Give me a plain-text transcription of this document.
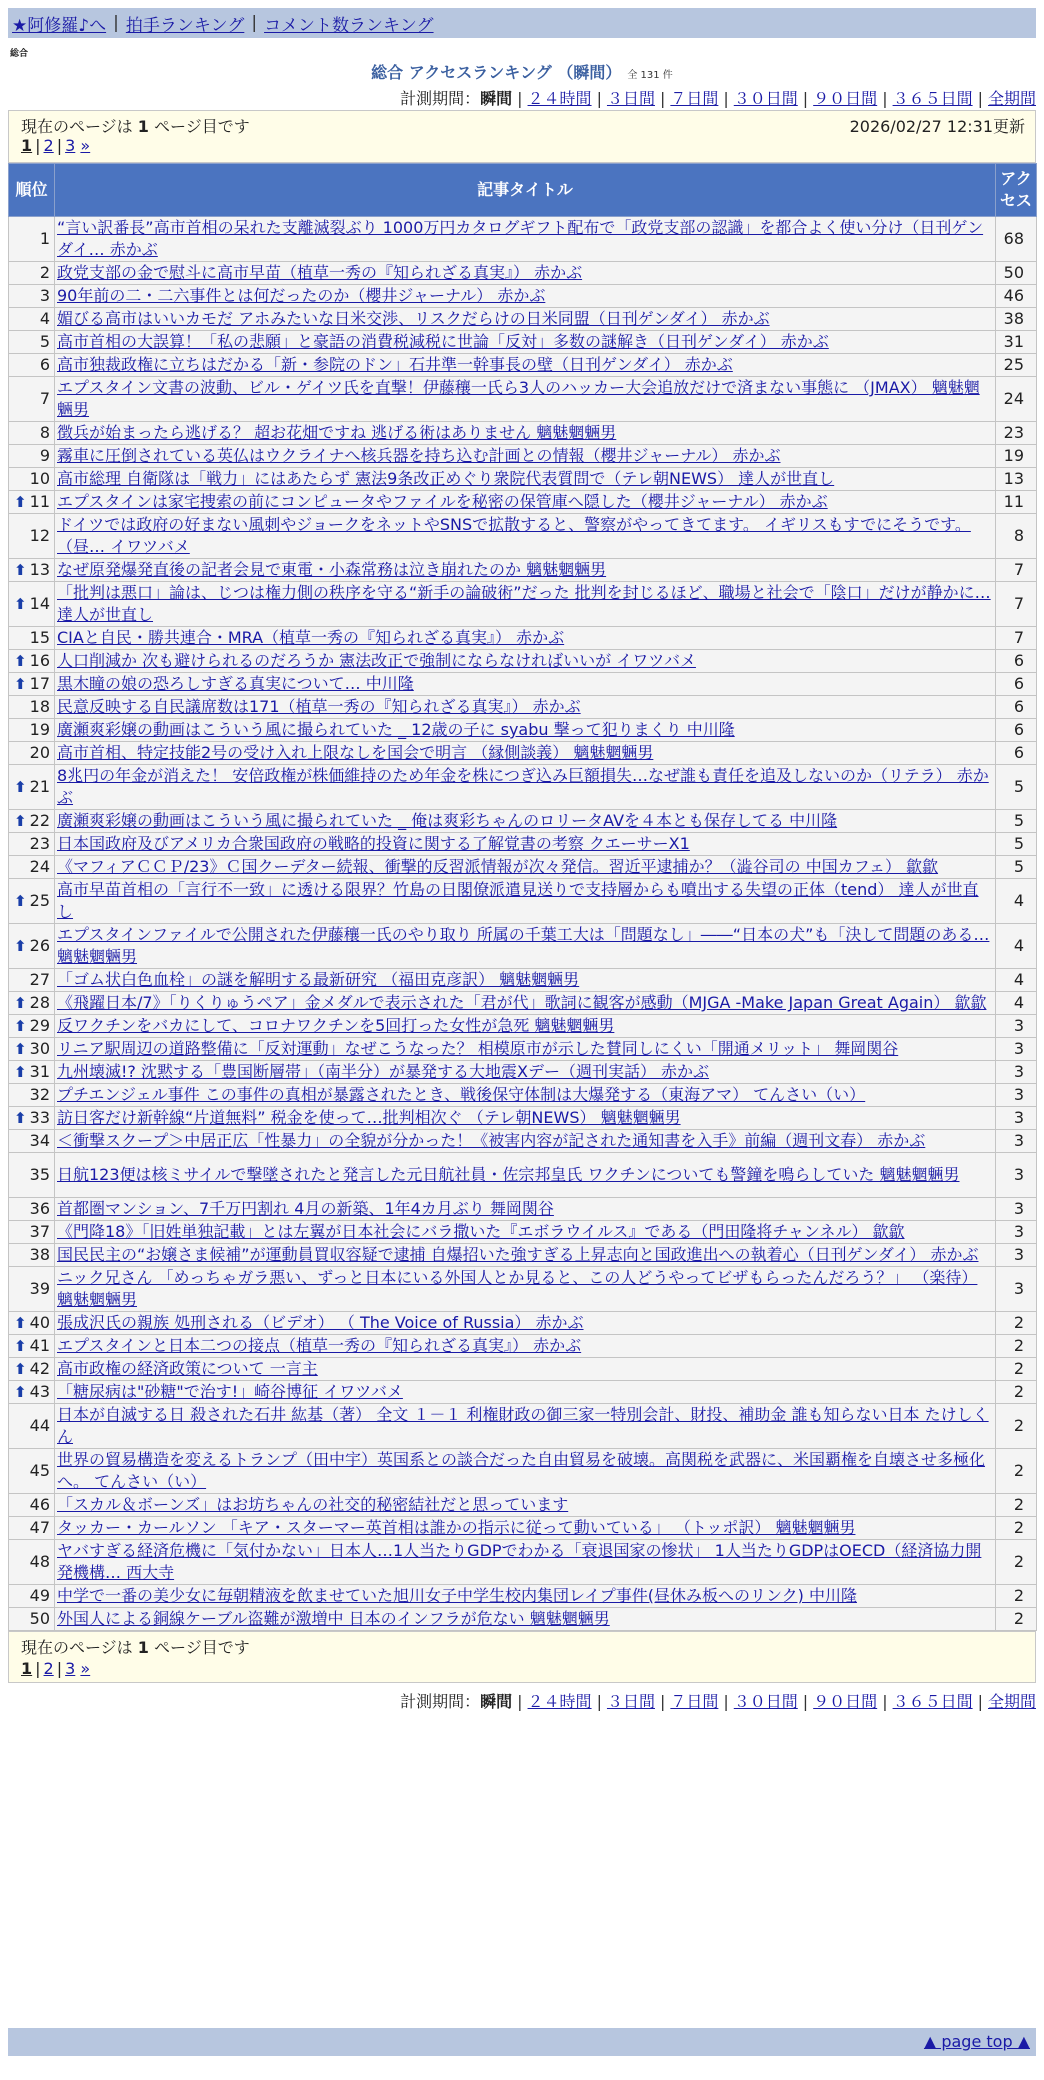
★阿修羅♪へ | 拍手ランキング | コメント数ランキング
総合
総合 アクセスランキング （瞬間） 全 131 件
計測期間：瞬間 | ２４時間 | ３日間 | ７日間 | ３０日間 | ９０日間 | ３６５日間 | 全期間
現在のページは 1 ページ目です	2026/02/27 12:31更新
1 | 2 | 3 »
順位	記事タイトル	アクセス
1	“言い訳番長”高市首相の呆れた支離滅裂ぶり 1000万円カタログギフト配布で「政党支部の認識」を都合よく使い分け（日刊ゲンダイ… 赤かぶ	68
2	政党支部の金で慰斗に高市早苗（植草一秀の『知られざる真実』） 赤かぶ	50
3	90年前の二・二六事件とは何だったのか（櫻井ジャーナル） 赤かぶ	46
4	媚びる高市はいいカモだ アホみたいな日米交渉、リスクだらけの日米同盟（日刊ゲンダイ） 赤かぶ	38
5	高市首相の大誤算！「私の悲願」と豪語の消費税減税に世論「反対」多数の謎解き（日刊ゲンダイ） 赤かぶ	31
6	高市独裁政権に立ちはだかる「新・参院のドン」石井準一幹事長の壁（日刊ゲンダイ） 赤かぶ	25
7	エプスタイン文書の波動、ビル・ゲイツ氏を直撃！伊藤穰一氏ら3人のハッカー大会追放だけで済まない事態に （JMAX） 魑魅魍魎男	24
8	徴兵が始まったら逃げる？ 超お花畑ですね 逃げる術はありません 魑魅魍魎男	23
9	霧車に圧倒されている英仏はウクライナへ核兵器を持ち込む計画との情報（櫻井ジャーナル） 赤かぶ	19
10	高市総理 自衛隊は「戦力」にはあたらず 憲法9条改正めぐり衆院代表質問で（テレ朝NEWS） 達人が世直し	13

⬆ 11	エプスタインは家宅捜索の前にコンピュータやファイルを秘密の保管庫へ隠した（櫻井ジャーナル） 赤かぶ	11
12	ドイツでは政府の好まない風刺やジョークをネットやSNSで拡散すると、警察がやってきてます。 イギリスもすでにそうです。 （昼… イワツバメ	8

⬆ 13	なぜ原発爆発直後の記者会見で東電・小森常務は泣き崩れたのか 魑魅魍魎男	7

⬆ 14	「批判は悪口」論は、じつは権力側の秩序を守る“新手の論破術”だった 批判を封じるほど、職場と社会で「陰口」だけが静かに… 達人が世直し	7
15	CIAと自民・勝共連合・MRA（植草一秀の『知られざる真実』） 赤かぶ	7

⬆ 16	人口削減か 次も避けられるのだろうか 憲法改正で強制にならなければいいが イワツバメ	6

⬆ 17	黒木瞳の娘の恐ろしすぎる真実について… 中川隆	6
18	民意反映する自民議席数は171（植草一秀の『知られざる真実』） 赤かぶ	6
19	廣瀬爽彩嬢の動画はこういう風に撮られていた _ 12歳の子に syabu 撃って犯りまくり 中川隆	6
20	高市首相、特定技能2号の受け入れ上限なしを国会で明言 （縁側談義） 魑魅魍魎男	6

⬆ 21	8兆円の年金が消えた！ 安倍政権が株価維持のため年金を株につぎ込み巨額損失…なぜ誰も責任を追及しないのか（リテラ） 赤かぶ	5

⬆ 22	廣瀬爽彩嬢の動画はこういう風に撮られていた _ 俺は爽彩ちゃんのロリータAVを４本とも保存してる 中川隆	5
23	日本国政府及びアメリカ合衆国政府の戦略的投資に関する了解覚書の考察 クエーサーX1	5
24	《マフィアＣＣＰ/23》Ｃ国クーデター続報、衝撃的反習派情報が次々発信。習近平逮捕か？（澁谷司の 中国カフェ） 歙歙	5

⬆ 25	高市早苗首相の「言行不一致」に透ける限界？竹島の日閣僚派遣見送りで支持層からも噴出する失望の正体（tend） 達人が世直し	4

⬆ 26	エプスタインファイルで公開された伊藤穰一氏のやり取り 所属の千葉工大は「問題なし」――“日本の犬”も「決して問題のある… 魑魅魍魎男	4
27	「ゴム状白色血栓」の謎を解明する最新研究 （福田克彦訳） 魑魅魍魎男	4

⬆ 28	《飛躍日本/7》「りくりゅうペア」金メダルで表示された「君が代」歌詞に観客が感動（MJGA -Make Japan Great Again） 歙歙	4

⬆ 29	反ワクチンをバカにして、コロナワクチンを5回打った女性が急死 魑魅魍魎男	3

⬆ 30	リニア駅周辺の道路整備に「反対運動」なぜこうなった？ 相模原市が示した賛同しにくい「開通メリット」 舞岡関谷	3

⬆ 31	九州壊滅!? 沈黙する「豊国断層帯」（南半分）が暴発する大地震Xデー（週刊実話） 赤かぶ	3
32	プチエンジェル事件 この事件の真相が暴露されたとき、戦後保守体制は大爆発する（東海アマ） てんさい（い）	3

⬆ 33	訪日客だけ新幹線“片道無料” 税金を使って…批判相次ぐ （テレ朝NEWS） 魑魅魍魎男	3
34	＜衝撃スクープ＞中居正広「性暴力」の全貌が分かった！《被害内容が記された通知書を入手》前編（週刊文春） 赤かぶ	3
35	日航123便は核ミサイルで撃墜されたと発言した元日航社員・佐宗邦皇氏 ワクチンについても警鐘を鳴らしていた 魑魅魍魎男	3
36	首都圏マンション、7千万円割れ 4月の新築、1年4カ月ぶり 舞岡関谷	3
37	《門降18》「旧姓単独記載」とは左翼が日本社会にバラ撒いた『エボラウイルス』である（門田隆将チャンネル） 歙歙	3
38	国民民主の“お嬢さま候補”が運動員買収容疑で逮捕 自爆招いた強すぎる上昇志向と国政進出への執着心（日刊ゲンダイ） 赤かぶ	3
39	ニック兄さん 「めっちゃガラ悪い、ずっと日本にいる外国人とか見ると、この人どうやってビザもらったんだろう？」 （楽待） 魑魅魍魎男	3

⬆ 40	張成沢氏の親族 処刑される（ビデオ） （ The Voice of Russia） 赤かぶ	2

⬆ 41	エプスタインと日本二つの接点（植草一秀の『知られざる真実』） 赤かぶ	2

⬆ 42	高市政権の経済政策について 一言主	2

⬆ 43	「糖尿病は"砂糖"で治す!」崎谷博征 イワツバメ	2
44	日本が自滅する日 殺された石井 紘基（著） 全文 １－１ 利権財政の御三家一特別会計、財投、補助金 誰も知らない日本 たけしくん	2
45	世界の貿易構造を変えるトランプ（田中宇）英国系との談合だった自由貿易を破壊。高関税を武器に、米国覇権を自壊させ多極化へ。 てんさい（い）	2
46	「スカル＆ボーンズ」はお坊ちゃんの社交的秘密結社だと思っています	2
47	タッカー・カールソン 「キア・スターマー英首相は誰かの指示に従って動いている」 （トッポ訳） 魑魅魍魎男	2
48	ヤバすぎる経済危機に「気付かない」日本人…1人当たりGDPでわかる「衰退国家の惨状」 1人当たりGDPはOECD（経済協力開発機構… 西大寺	2
49	中学で一番の美少女に毎朝精液を飲ませていた旭川女子中学生校内集団レイプ事件(昼休み板へのリンク) 中川隆	2
50	外国人による銅線ケーブル盗難が激増中 日本のインフラが危ない 魑魅魍魎男	2
現在のページは 1 ページ目です
1 | 2 | 3 »
計測期間：瞬間 | ２４時間 | ３日間 | ７日間 | ３０日間 | ９０日間 | ３６５日間 | 全期間
▲ page top ▲
